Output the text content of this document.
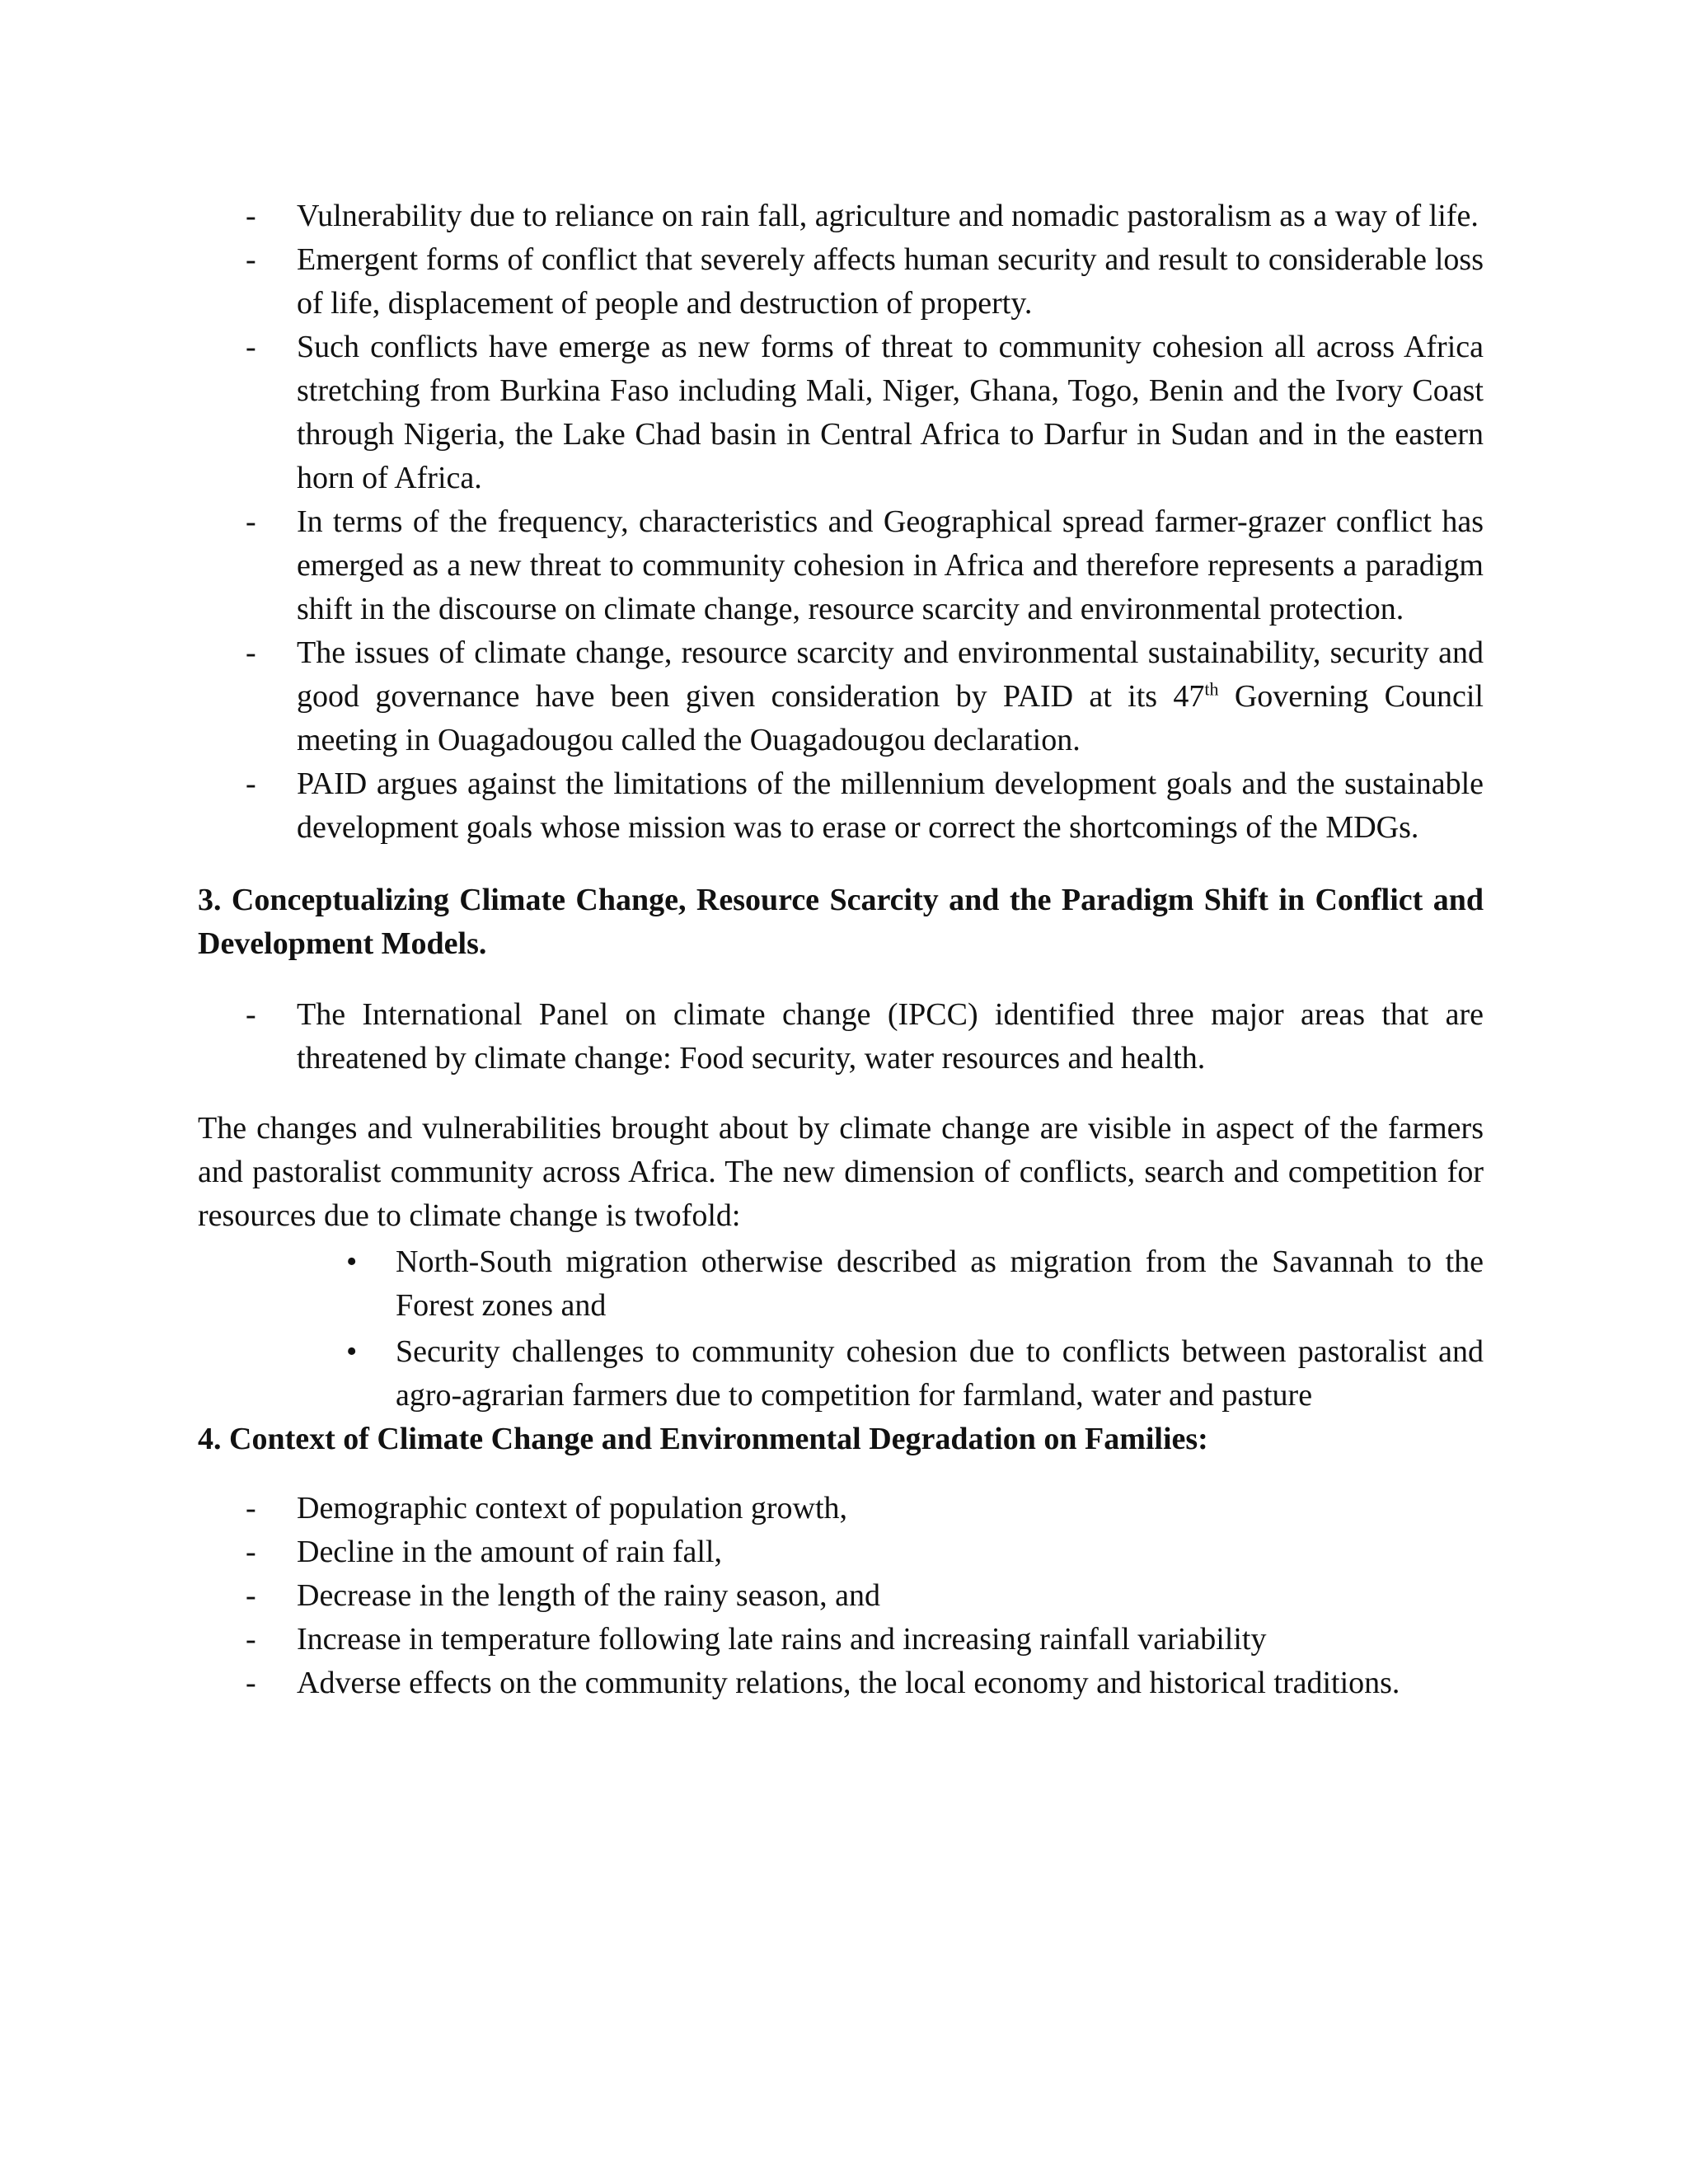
- Vulnerability due to reliance on rain fall, agriculture and nomadic pastoralism as a way of life.
- Emergent forms of conflict that severely affects human security and result to considerable loss of life, displacement of people and destruction of property.
- Such conflicts have emerge as new forms of threat to community cohesion all across Africa stretching from Burkina Faso including Mali, Niger, Ghana, Togo, Benin and the Ivory Coast through Nigeria, the Lake Chad basin in Central Africa to Darfur in Sudan and in the eastern horn of Africa.
- In terms of the frequency, characteristics and Geographical spread farmer-grazer conflict has emerged as a new threat to community cohesion in Africa and therefore represents a paradigm shift in the discourse on climate change, resource scarcity and environmental protection.
- The issues of climate change, resource scarcity and environmental sustainability, security and good governance have been given consideration by PAID at its 47th Governing Council meeting in Ouagadougou called the Ouagadougou declaration.
- PAID argues against the limitations of the millennium development goals and the sustainable development goals whose mission was to erase or correct the shortcomings of the MDGs.

3. Conceptualizing Climate Change, Resource Scarcity and the Paradigm Shift in Conflict and Development Models.

- The International Panel on climate change (IPCC) identified three major areas that are threatened by climate change: Food security, water resources and health.

The changes and vulnerabilities brought about by climate change are visible in aspect of the farmers and pastoralist community across Africa. The new dimension of conflicts, search and competition for resources due to climate change is twofold:

• North-South migration otherwise described as migration from the Savannah to the Forest zones and
• Security challenges to community cohesion due to conflicts between pastoralist and agro-agrarian farmers due to competition for farmland, water and pasture

4. Context of Climate Change and Environmental Degradation on Families:

- Demographic context of population growth,
- Decline in the amount of rain fall,
- Decrease in the length of the rainy season, and
- Increase in temperature following late rains and increasing rainfall variability
- Adverse effects on the community relations, the local economy and historical traditions.
